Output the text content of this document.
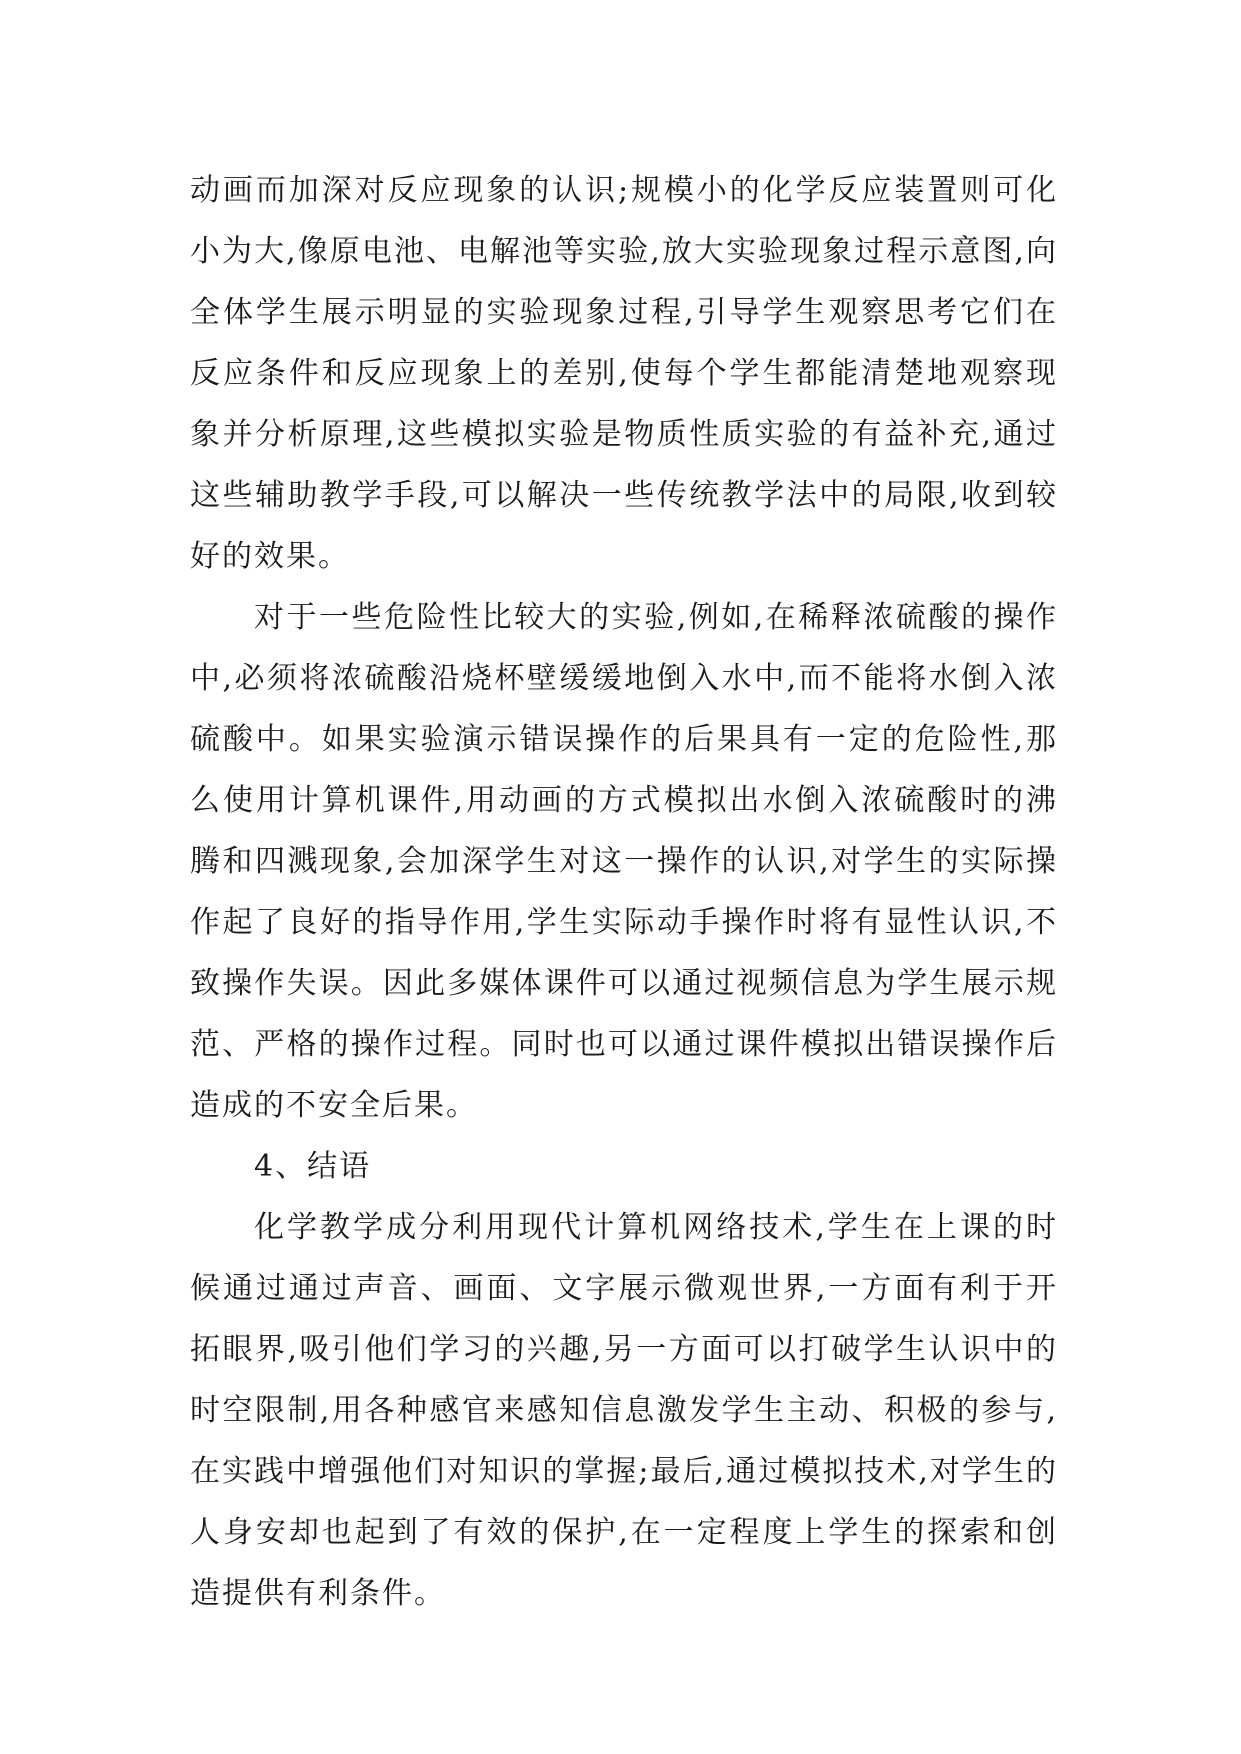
动画而加深对反应现象的认识;规模小的化学反应装置则可化小为大,像原电池、电解池等实验,放大实验现象过程示意图,向全体学生展示明显的实验现象过程,引导学生观察思考它们在反应条件和反应现象上的差别,使每个学生都能清楚地观察现象并分析原理,这些模拟实验是物质性质实验的有益补充,通过这些辅助教学手段,可以解决一些传统教学法中的局限,收到较好的效果。

对于一些危险性比较大的实验,例如,在稀释浓硫酸的操作中,必须将浓硫酸沿烧杯壁缓缓地倒入水中,而不能将水倒入浓硫酸中。如果实验演示错误操作的后果具有一定的危险性,那么使用计算机课件,用动画的方式模拟出水倒入浓硫酸时的沸腾和四溅现象,会加深学生对这一操作的认识,对学生的实际操作起了良好的指导作用,学生实际动手操作时将有显性认识,不致操作失误。因此多媒体课件可以通过视频信息为学生展示规范、严格的操作过程。同时也可以通过课件模拟出错误操作后造成的不安全后果。

4、结语

化学教学成分利用现代计算机网络技术,学生在上课的时候通过通过声音、画面、文字展示微观世界,一方面有利于开拓眼界,吸引他们学习的兴趣,另一方面可以打破学生认识中的时空限制,用各种感官来感知信息激发学生主动、积极的参与,在实践中增强他们对知识的掌握;最后,通过模拟技术,对学生的人身安却也起到了有效的保护,在一定程度上学生的探索和创造提供有利条件。
